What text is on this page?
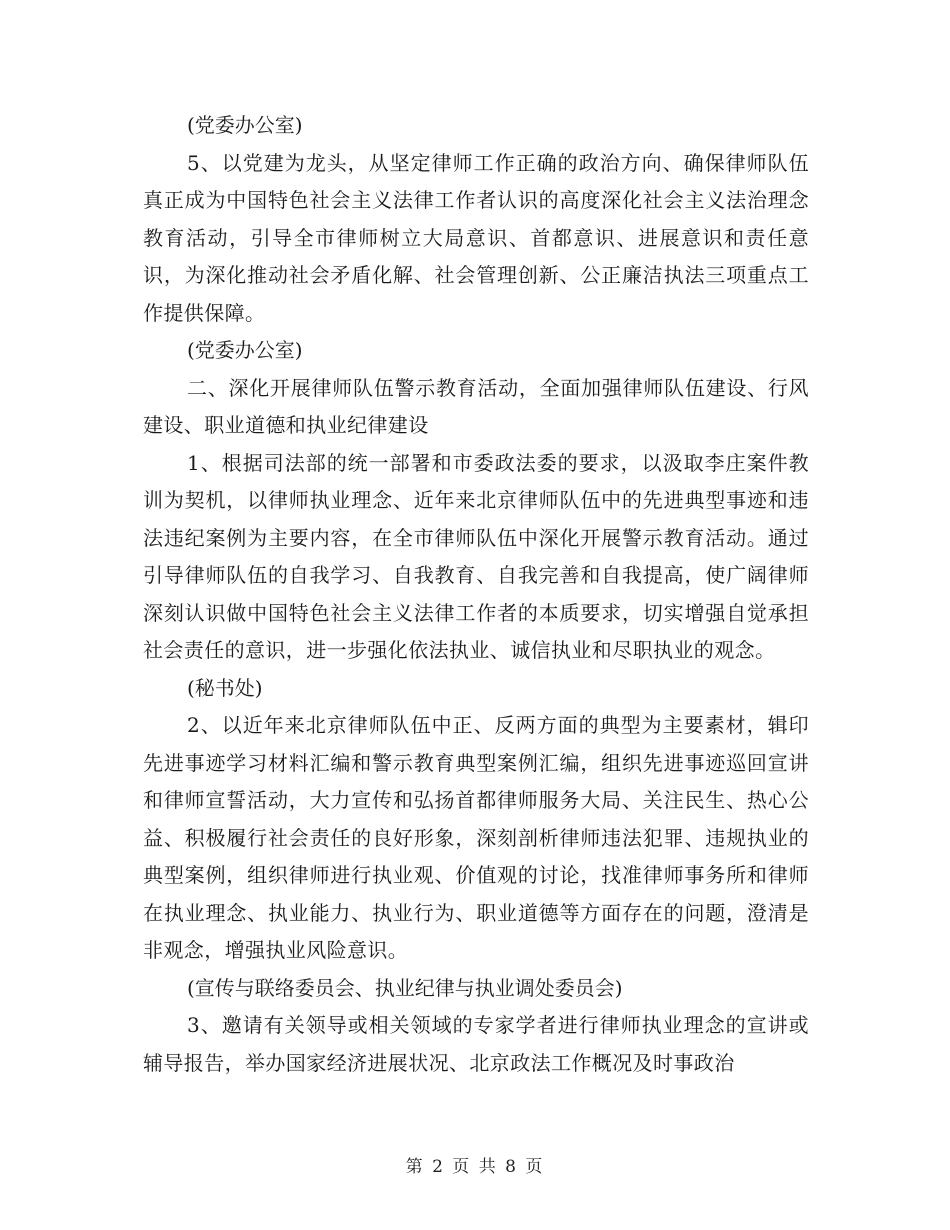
(党委办公室)

5、以党建为龙头，从坚定律师工作正确的政治方向、确保律师队伍真正成为中国特色社会主义法律工作者认识的高度深化社会主义法治理念教育活动，引导全市律师树立大局意识、首都意识、进展意识和责任意识，为深化推动社会矛盾化解、社会管理创新、公正廉洁执法三项重点工作提供保障。

(党委办公室)

二、深化开展律师队伍警示教育活动，全面加强律师队伍建设、行风建设、职业道德和执业纪律建设

1、根据司法部的统一部署和市委政法委的要求，以汲取李庄案件教训为契机，以律师执业理念、近年来北京律师队伍中的先进典型事迹和违法违纪案例为主要内容，在全市律师队伍中深化开展警示教育活动。通过引导律师队伍的自我学习、自我教育、自我完善和自我提高，使广阔律师深刻认识做中国特色社会主义法律工作者的本质要求，切实增强自觉承担社会责任的意识，进一步强化依法执业、诚信执业和尽职执业的观念。

(秘书处)

2、以近年来北京律师队伍中正、反两方面的典型为主要素材，辑印先进事迹学习材料汇编和警示教育典型案例汇编，组织先进事迹巡回宣讲和律师宣誓活动，大力宣传和弘扬首都律师服务大局、关注民生、热心公益、积极履行社会责任的良好形象，深刻剖析律师违法犯罪、违规执业的典型案例，组织律师进行执业观、价值观的讨论，找准律师事务所和律师在执业理念、执业能力、执业行为、职业道德等方面存在的问题，澄清是非观念，增强执业风险意识。

(宣传与联络委员会、执业纪律与执业调处委员会)

3、邀请有关领导或相关领域的专家学者进行律师执业理念的宣讲或辅导报告，举办国家经济进展状况、北京政法工作概况及时事政治

第 2 页 共 8 页
